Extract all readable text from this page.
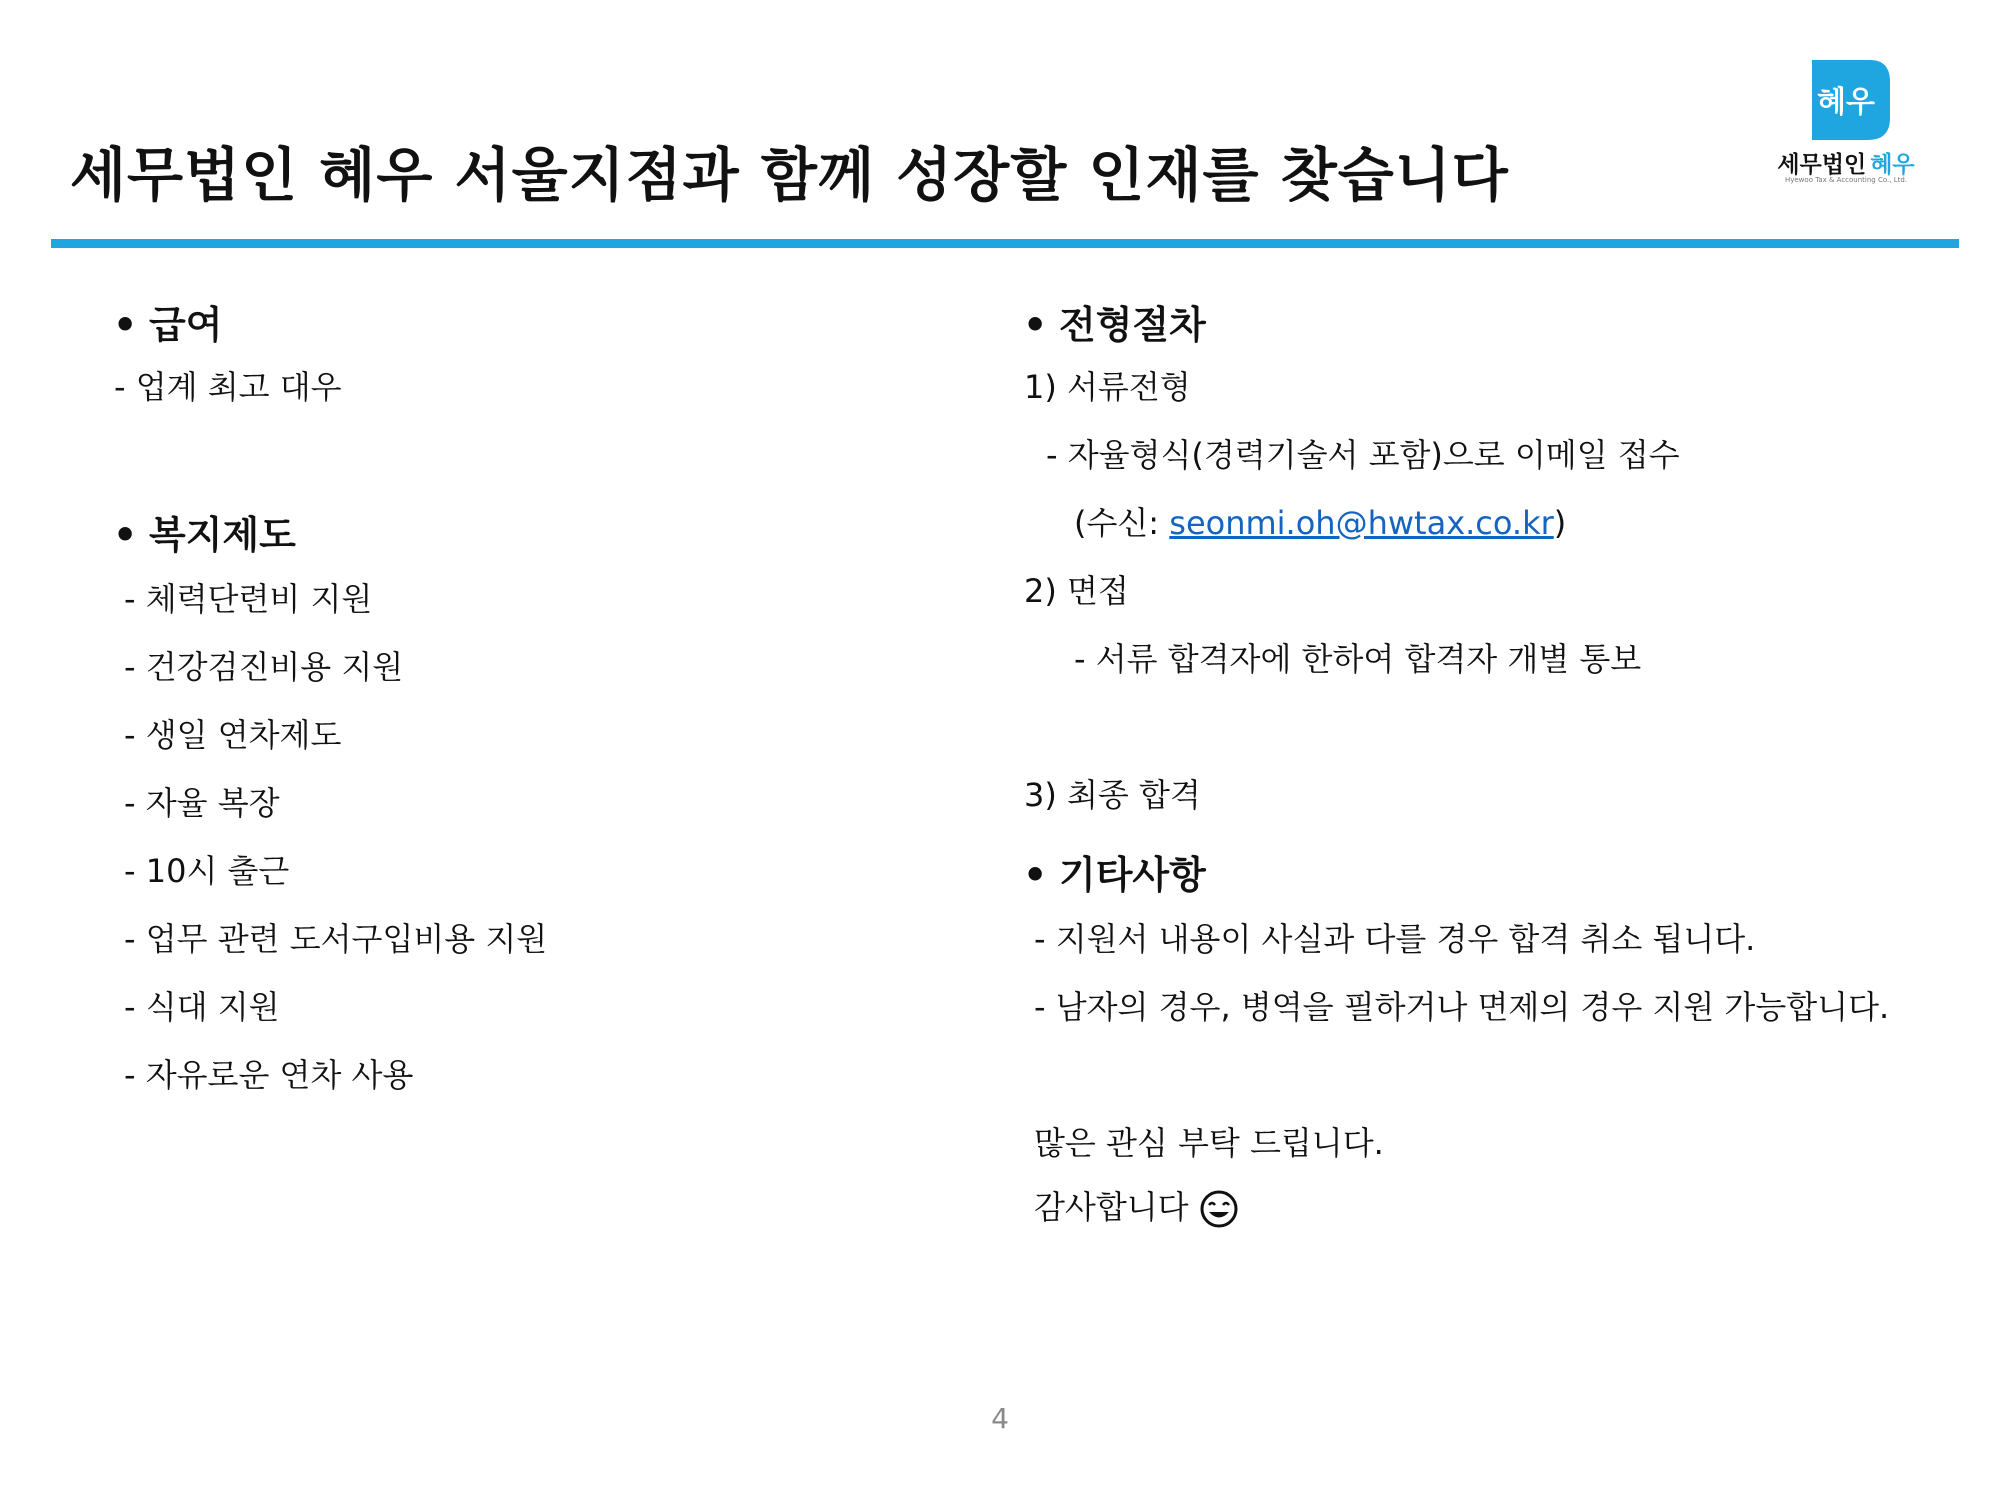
세무법인 혜우 서울지점과 함께 성장할 인재를 찾습니다
혜우
세무법인 혜우
Hyewoo Tax & Accounting Co., Ltd.
• 급여
- 업계 최고 대우
• 복지제도
- 체력단련비 지원
- 건강검진비용 지원
- 생일 연차제도
- 자율 복장
- 10시 출근
- 업무 관련 도서구입비용 지원
- 식대 지원
- 자유로운 연차 사용
• 전형절차
1) 서류전형
- 자율형식(경력기술서 포함)으로 이메일 접수
(수신: seonmi.oh@hwtax.co.kr)
2) 면접
- 서류 합격자에 한하여 합격자 개별 통보
3) 최종 합격
• 기타사항
- 지원서 내용이 사실과 다를 경우 합격 취소 됩니다.
- 남자의 경우, 병역을 필하거나 면제의 경우 지원 가능합니다.
많은 관심 부탁 드립니다.
감사합니다
4
